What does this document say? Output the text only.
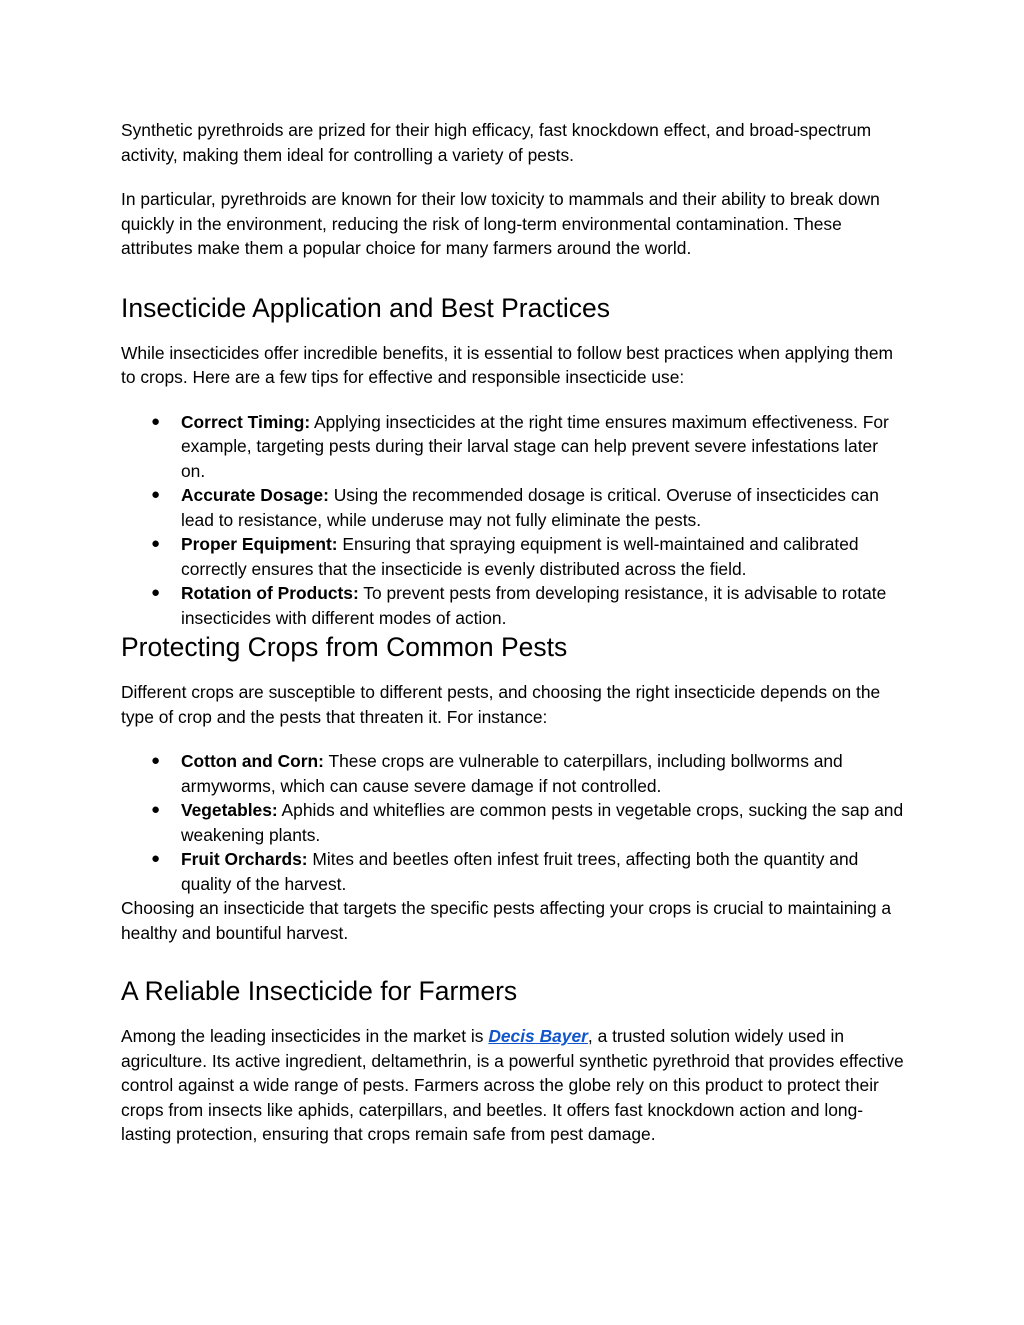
Synthetic pyrethroids are prized for their high efficacy, fast knockdown effect, and broad-spectrum activity, making them ideal for controlling a variety of pests.

In particular, pyrethroids are known for their low toxicity to mammals and their ability to break down quickly in the environment, reducing the risk of long-term environmental contamination. These attributes make them a popular choice for many farmers around the world.

Insecticide Application and Best Practices

While insecticides offer incredible benefits, it is essential to follow best practices when applying them to crops. Here are a few tips for effective and responsible insecticide use:

● Correct Timing: Applying insecticides at the right time ensures maximum effectiveness. For example, targeting pests during their larval stage can help prevent severe infestations later on.
● Accurate Dosage: Using the recommended dosage is critical. Overuse of insecticides can lead to resistance, while underuse may not fully eliminate the pests.
● Proper Equipment: Ensuring that spraying equipment is well-maintained and calibrated correctly ensures that the insecticide is evenly distributed across the field.
● Rotation of Products: To prevent pests from developing resistance, it is advisable to rotate insecticides with different modes of action.
Protecting Crops from Common Pests

Different crops are susceptible to different pests, and choosing the right insecticide depends on the type of crop and the pests that threaten it. For instance:

● Cotton and Corn: These crops are vulnerable to caterpillars, including bollworms and armyworms, which can cause severe damage if not controlled.
● Vegetables: Aphids and whiteflies are common pests in vegetable crops, sucking the sap and weakening plants.
● Fruit Orchards: Mites and beetles often infest fruit trees, affecting both the quantity and quality of the harvest.

Choosing an insecticide that targets the specific pests affecting your crops is crucial to maintaining a healthy and bountiful harvest.

A Reliable Insecticide for Farmers

Among the leading insecticides in the market is Decis Bayer, a trusted solution widely used in agriculture. Its active ingredient, deltamethrin, is a powerful synthetic pyrethroid that provides effective control against a wide range of pests. Farmers across the globe rely on this product to protect their crops from insects like aphids, caterpillars, and beetles. It offers fast knockdown action and long-lasting protection, ensuring that crops remain safe from pest damage.
